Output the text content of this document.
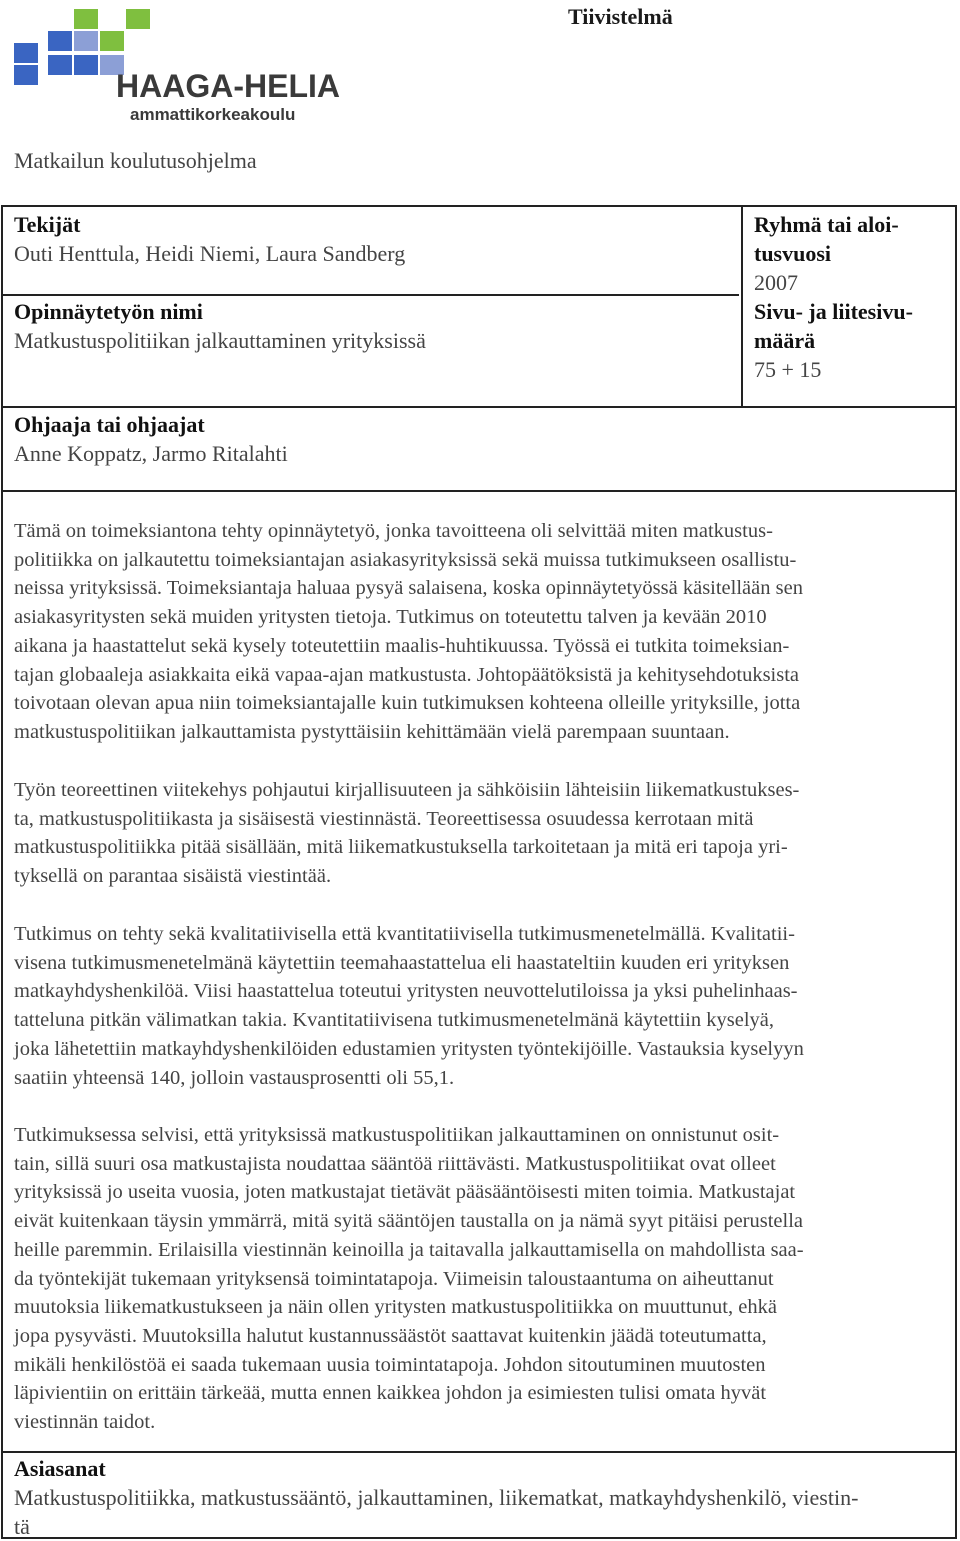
HAAGA-HELIA
ammattikorkeakoulu
Tiivistelmä
Matkailun koulutusohjelma
Tekijät
Outi Henttula, Heidi Niemi, Laura Sandberg
Opinnäytetyön nimi
Matkustuspolitiikan jalkauttaminen yrityksissä
Ryhmä tai aloi-
tusvuosi
2007
Sivu- ja liitesivu-
määrä
75 + 15
Ohjaaja tai ohjaajat
Anne Koppatz, Jarmo Ritalahti

Tämä on toimeksiantona tehty opinnäytetyö, jonka tavoitteena oli selvittää miten matkustus-

politiikka on jalkautettu toimeksiantajan asiakasyrityksissä sekä muissa tutkimukseen osallistu-

neissa yrityksissä. Toimeksiantaja haluaa pysyä salaisena, koska opinnäytetyössä käsitellään sen

asiakasyritysten sekä muiden yritysten tietoja. Tutkimus on toteutettu talven ja kevään 2010

aikana ja haastattelut sekä kysely toteutettiin maalis-huhtikuussa. Työssä ei tutkita toimeksian-

tajan globaaleja asiakkaita eikä vapaa-ajan matkustusta. Johtopäätöksistä ja kehitysehdotuksista

toivotaan olevan apua niin toimeksiantajalle kuin tutkimuksen kohteena olleille yrityksille, jotta

matkustuspolitiikan jalkauttamista pystyttäisiin kehittämään vielä parempaan suuntaan.

Työn teoreettinen viitekehys pohjautui kirjallisuuteen ja sähköisiin lähteisiin liikematkustukses-

ta, matkustuspolitiikasta ja sisäisestä viestinnästä. Teoreettisessa osuudessa kerrotaan mitä

matkustuspolitiikka pitää sisällään, mitä liikematkustuksella tarkoitetaan ja mitä eri tapoja yri-

tyksellä on parantaa sisäistä viestintää.

Tutkimus on tehty sekä kvalitatiivisella että kvantitatiivisella tutkimusmenetelmällä. Kvalitatii-

visena tutkimusmenetelmänä käytettiin teemahaastattelua eli haastateltiin kuuden eri yrityksen

matkayhdyshenkilöä. Viisi haastattelua toteutui yritysten neuvottelutiloissa ja yksi puhelinhaas-

tatteluna pitkän välimatkan takia. Kvantitatiivisena tutkimusmenetelmänä käytettiin kyselyä,

joka lähetettiin matkayhdyshenkilöiden edustamien yritysten työntekijöille. Vastauksia kyselyyn

saatiin yhteensä 140, jolloin vastausprosentti oli 55,1.

Tutkimuksessa selvisi, että yrityksissä matkustuspolitiikan jalkauttaminen on onnistunut osit-

tain, sillä suuri osa matkustajista noudattaa sääntöä riittävästi. Matkustuspolitiikat ovat olleet

yrityksissä jo useita vuosia, joten matkustajat tietävät pääsääntöisesti miten toimia. Matkustajat

eivät kuitenkaan täysin ymmärrä, mitä syitä sääntöjen taustalla on ja nämä syyt pitäisi perustella

heille paremmin. Erilaisilla viestinnän keinoilla ja taitavalla jalkauttamisella on mahdollista saa-

da työntekijät tukemaan yrityksensä toimintatapoja. Viimeisin taloustaantuma on aiheuttanut

muutoksia liikematkustukseen ja näin ollen yritysten matkustuspolitiikka on muuttunut, ehkä

jopa pysyvästi. Muutoksilla halutut kustannussäästöt saattavat kuitenkin jäädä toteutumatta,

mikäli henkilöstöä ei saada tukemaan uusia toimintatapoja. Johdon sitoutuminen muutosten

läpivientiin on erittäin tärkeää, mutta ennen kaikkea johdon ja esimiesten tulisi omata hyvät

viestinnän taidot.

Asiasanat
Matkustuspolitiikka, matkustussääntö, jalkauttaminen, liikematkat, matkayhdyshenkilö, viestin-
tä
